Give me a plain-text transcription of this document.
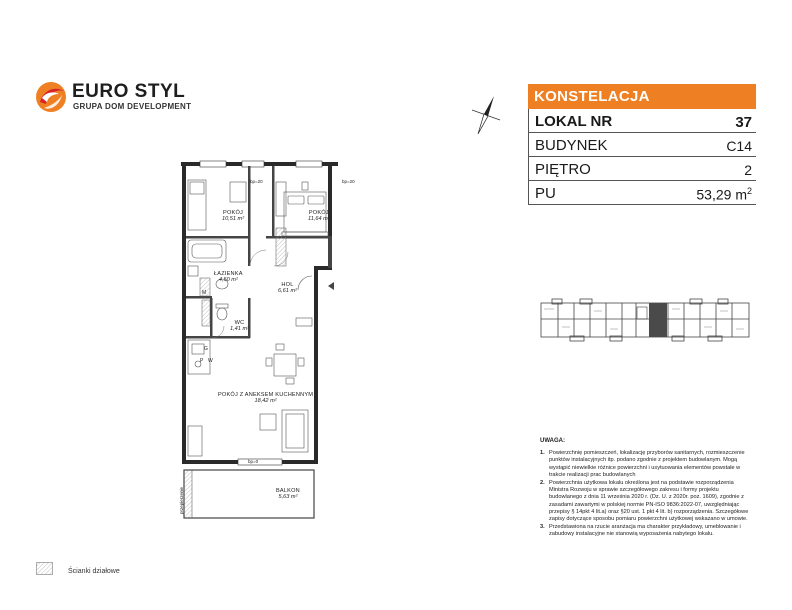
EURO STYL
GRUPA DOM DEVELOPMENT
KONSTELACJA
LOKAL NR	37
BUDYNEK	C14
PIĘTRO	2
PU	53,29 $m^2$
UWAGA:
1. Powierzchnię pomieszczeń, lokalizację przyborów sanitarnych, rozmieszczenie punktów instalacyjnych itp. podano zgodnie z projektem budowlanym. Mogą wystąpić niewielkie różnice powierzchni i usytuowania elementów powstałe w trakcie realizacji prac budowlanych
2. Powierzchnia użytkowa lokalu określona jest na podstawie rozporządzenia Ministra Rozwoju w sprawie szczegółowego zakresu i formy projektu budowlanego z dnia 11 września 2020 r. (Dz. U. z 2020r. poz. 1609), zgodnie z zasadami zawartymi w polskiej normie PN-ISO 9836:2022-07, uwzględniając przepisy § 14pkt 4 lit.a) oraz §20 ust. 1 pkt 4 lit. b) rozporządzenia. Szczegółowe zapisy dotyczące sposobu pomiaru powierzchni użytkowej wskazano w umowie.
3. Przedstawiona na rzucie aranżacja ma charakter przykładowy, umeblowanie i zabudowy instalacyjne nie stanowią wyposażenia nabytego lokalu.
POKÓJ
10,51 m²
POKÓJ
11,64 m²
ŁAZIENKA
4,50 m²
HOL
6,61 m²
WC
1,41 m²
POKÓJ Z ANEKSEM KUCHENNYM
18,42 m²
BALKON
5,63 m²
bp=20	bp=20
bp=0
M
P W
G
przepierzenie
Ścianki działowe
